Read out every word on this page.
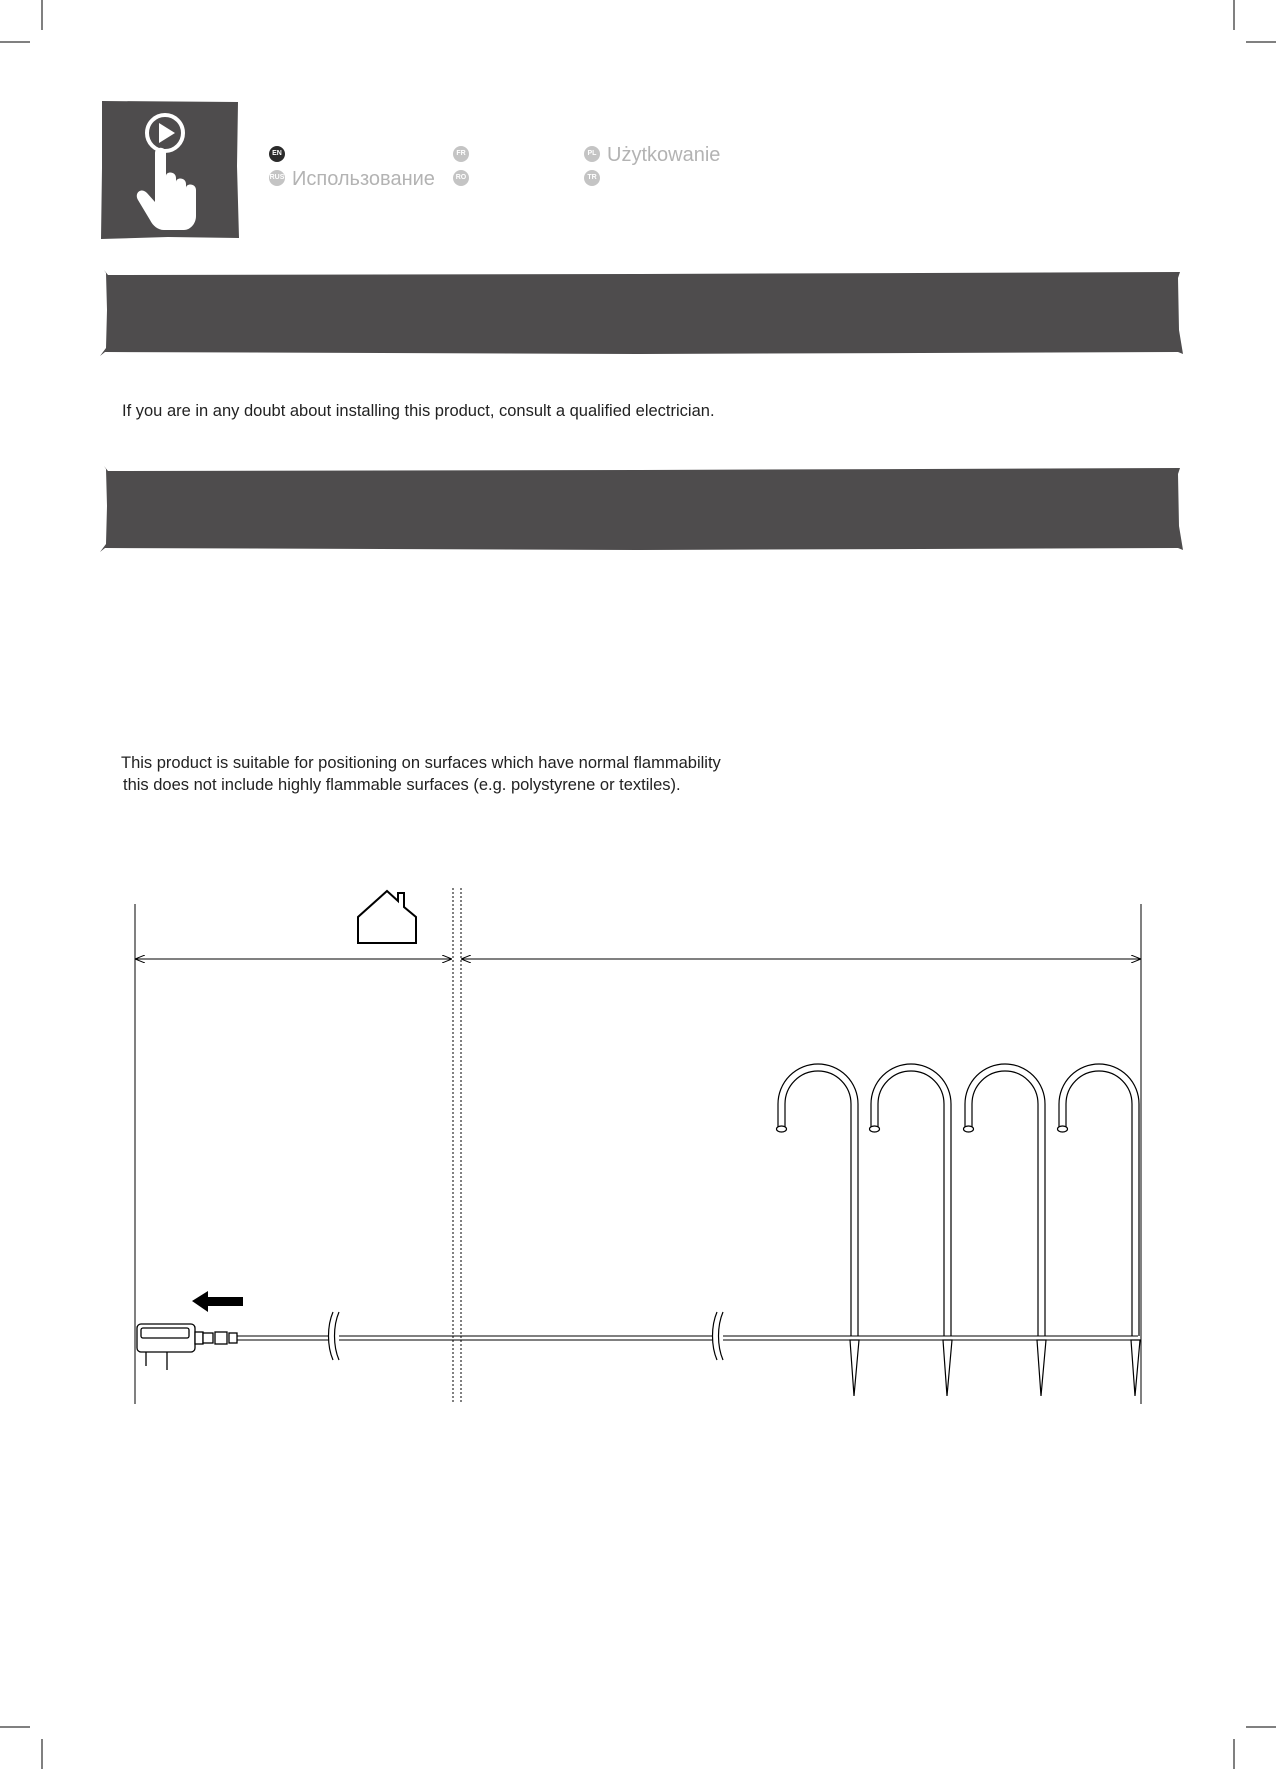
EN	FR	PL Użytkowanie
RUS Использование	RO	TR
If you are in any doubt about installing this product, consult a qualified electrician.
This product is suitable for positioning on surfaces which have normal flammability
this does not include highly flammable surfaces (e.g. polystyrene or textiles).
